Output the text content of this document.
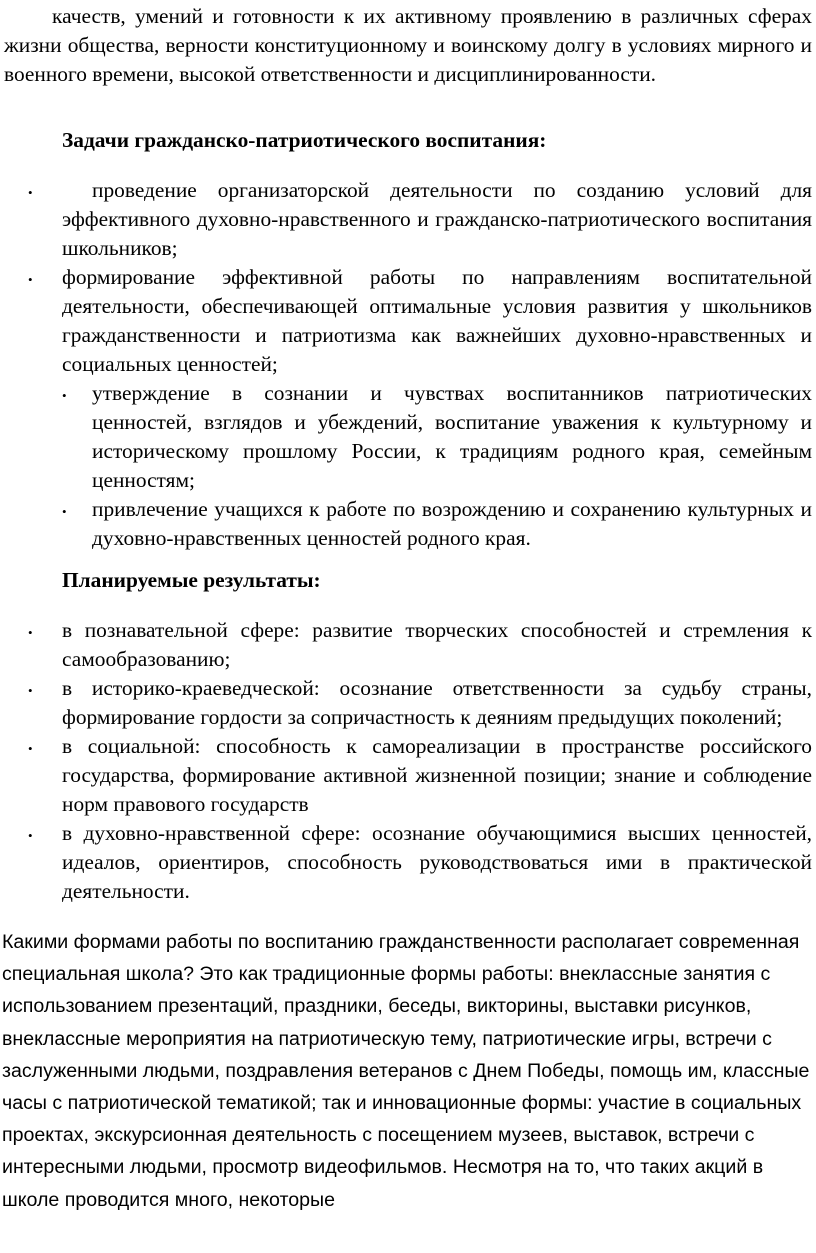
качеств, умений и готовности к их активному проявлению в различных сферах жизни общества, верности конституционному и воинскому долгу в условиях мирного и военного времени, высокой ответственности и дисциплинированности.

Задачи гражданско-патриотического воспитания:

•	проведение организаторской деятельности по созданию условий для эффективного духовно-нравственного и гражданско-патриотического воспитания школьников;
• формирование эффективной работы по направлениям воспитательной деятельности, обеспечивающей оптимальные условия развития у школьников гражданственности и патриотизма как важнейших духовно-нравственных и социальных ценностей;
• утверждение в сознании и чувствах воспитанников патриотических ценностей, взглядов и убеждений, воспитание уважения к культурному и историческому прошлому России, к традициям родного края, семейным ценностям;
• привлечение учащихся к работе по возрождению и сохранению культурных и духовно-нравственных ценностей родного края.

Планируемые результаты:

• в познавательной сфере: развитие творческих способностей и стремления к самообразованию;
• в историко-краеведческой: осознание ответственности за судьбу страны, формирование гордости за сопричастность к деяниям предыдущих поколений;
• в социальной: способность к самореализации в пространстве российского государства, формирование активной жизненной позиции; знание и соблюдение норм правового государств
• в духовно-нравственной сфере: осознание обучающимися высших ценностей, идеалов, ориентиров, способность руководствоваться ими в практической деятельности.

Какими формами работы по воспитанию гражданственности располагает современная специальная школа? Это как традиционные формы работы: внеклассные занятия с использованием презентаций, праздники, беседы, викторины, выставки рисунков, внеклассные мероприятия на патриотическую тему, патриотические игры, встречи с заслуженными людьми, поздравления ветеранов с Днем Победы, помощь им, классные часы с патриотической тематикой; так и инновационные формы: участие в социальных проектах, экскурсионная деятельность с посещением музеев, выставок, встречи с интересными людьми, просмотр видеофильмов. Несмотря на то, что таких акций в школе проводится много, некоторые
